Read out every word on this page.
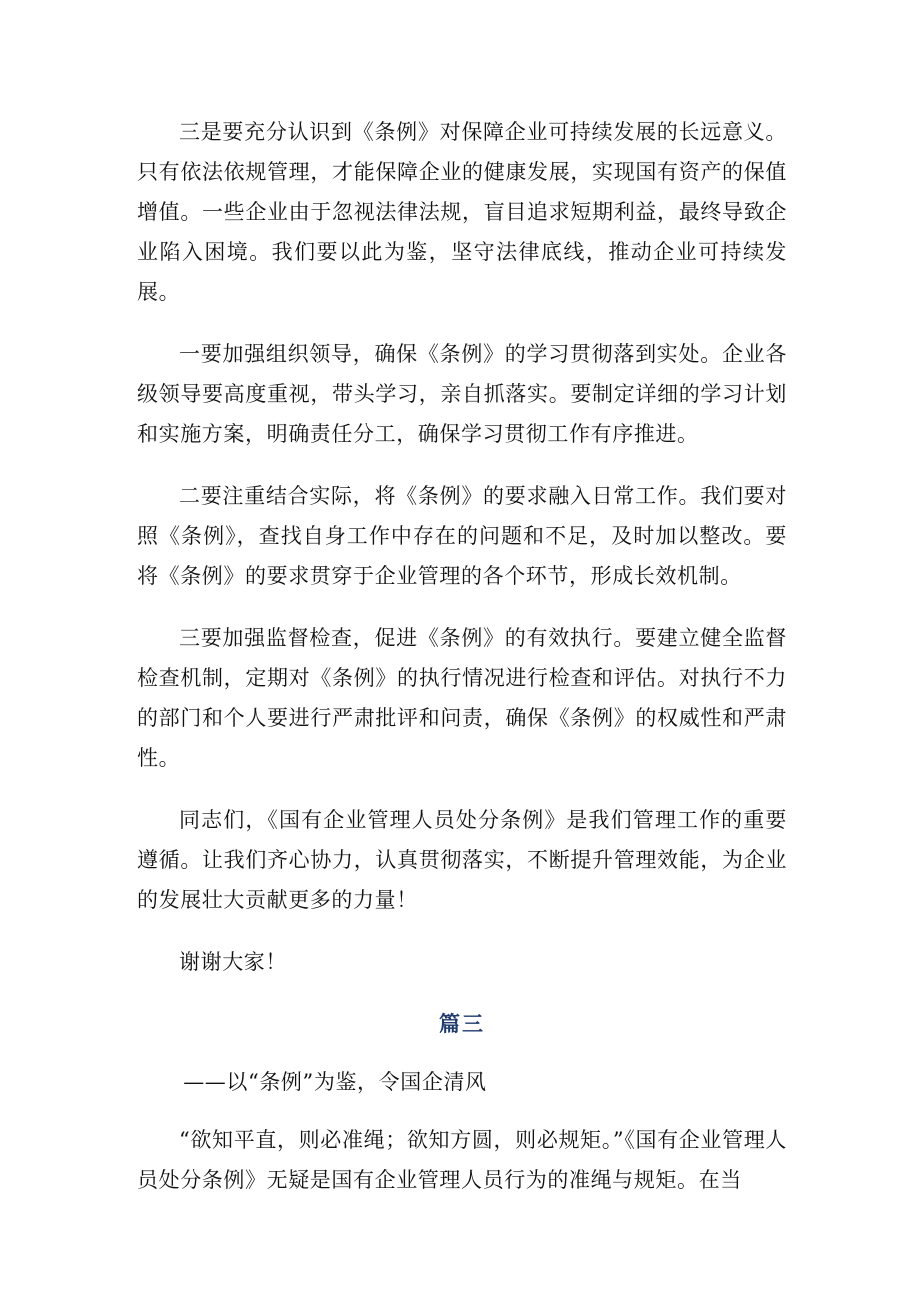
三是要充分认识到《条例》对保障企业可持续发展的长远意义。只有依法依规管理，才能保障企业的健康发展，实现国有资产的保值增值。一些企业由于忽视法律法规，盲目追求短期利益，最终导致企业陷入困境。我们要以此为鉴，坚守法律底线，推动企业可持续发展。

一要加强组织领导，确保《条例》的学习贯彻落到实处。企业各级领导要高度重视，带头学习，亲自抓落实。要制定详细的学习计划和实施方案，明确责任分工，确保学习贯彻工作有序推进。

二要注重结合实际，将《条例》的要求融入日常工作。我们要对照《条例》，查找自身工作中存在的问题和不足，及时加以整改。要将《条例》的要求贯穿于企业管理的各个环节，形成长效机制。

三要加强监督检查，促进《条例》的有效执行。要建立健全监督检查机制，定期对《条例》的执行情况进行检查和评估。对执行不力的部门和个人要进行严肃批评和问责，确保《条例》的权威性和严肃性。

同志们，《国有企业管理人员处分条例》是我们管理工作的重要遵循。让我们齐心协力，认真贯彻落实，不断提升管理效能，为企业的发展壮大贡献更多的力量！

谢谢大家！

篇三

——以“条例”为鉴，令国企清风

“欲知平直，则必准绳；欲知方圆，则必规矩。”《国有企业管理人员处分条例》无疑是国有企业管理人员行为的准绳与规矩。在当
